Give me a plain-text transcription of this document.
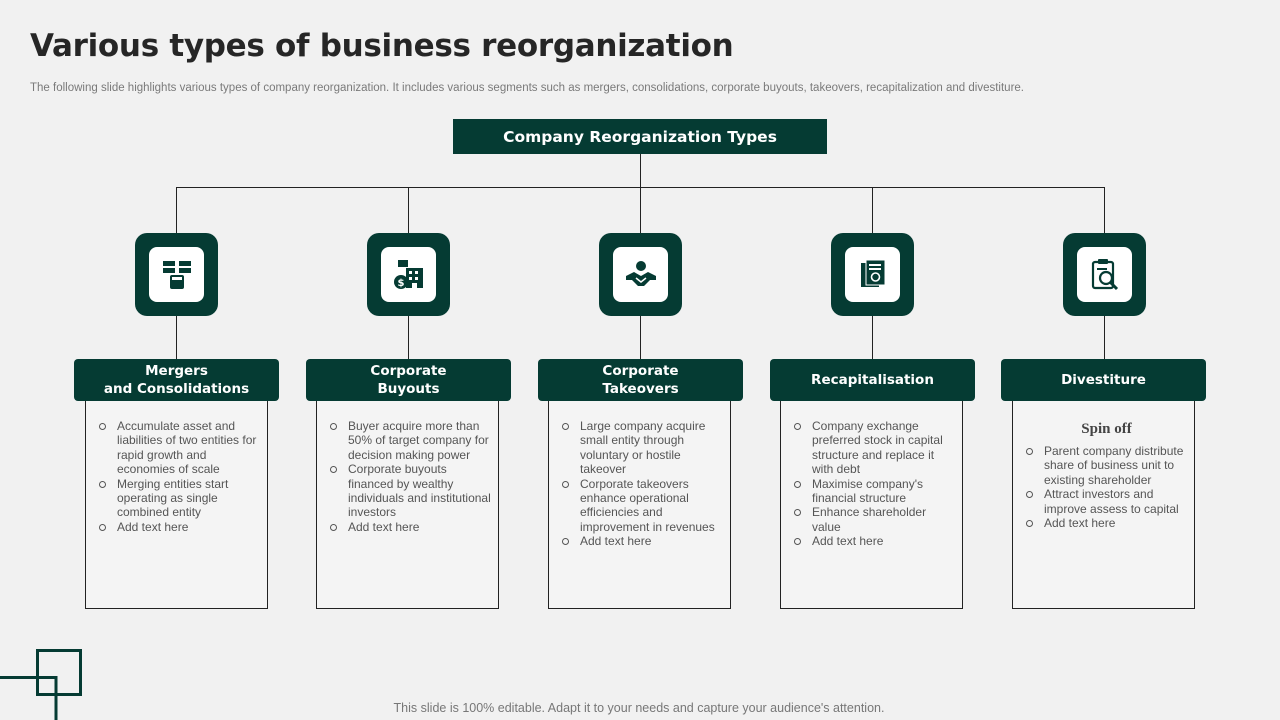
Various types of business reorganization
The following slide highlights various types of company reorganization. It includes various segments such as mergers, consolidations, corporate buyouts, takeovers, recapitalization and divestiture.
Company Reorganization Types
Mergers
and Consolidations
Accumulate asset and liabilities of two entities for rapid growth and economies of scale
Merging entities start operating as single combined entity
Add text here
$
Corporate
Buyouts
Buyer acquire more than 50% of target company for decision making power
Corporate buyouts financed by wealthy individuals and institutional investors
Add text here
Corporate
Takeovers
Large company acquire small entity through voluntary or hostile takeover
Corporate takeovers enhance operational efficiencies and improvement in revenues
Add text here
Recapitalisation
Company exchange preferred stock in capital structure and replace it with debt
Maximise company's financial structure
Enhance shareholder value
Add text here
Divestiture
Spin off
Parent company distribute share of business unit to existing shareholder
Attract investors and improve assess to capital
Add text here
This slide is 100% editable. Adapt it to your needs and capture your audience's attention.
